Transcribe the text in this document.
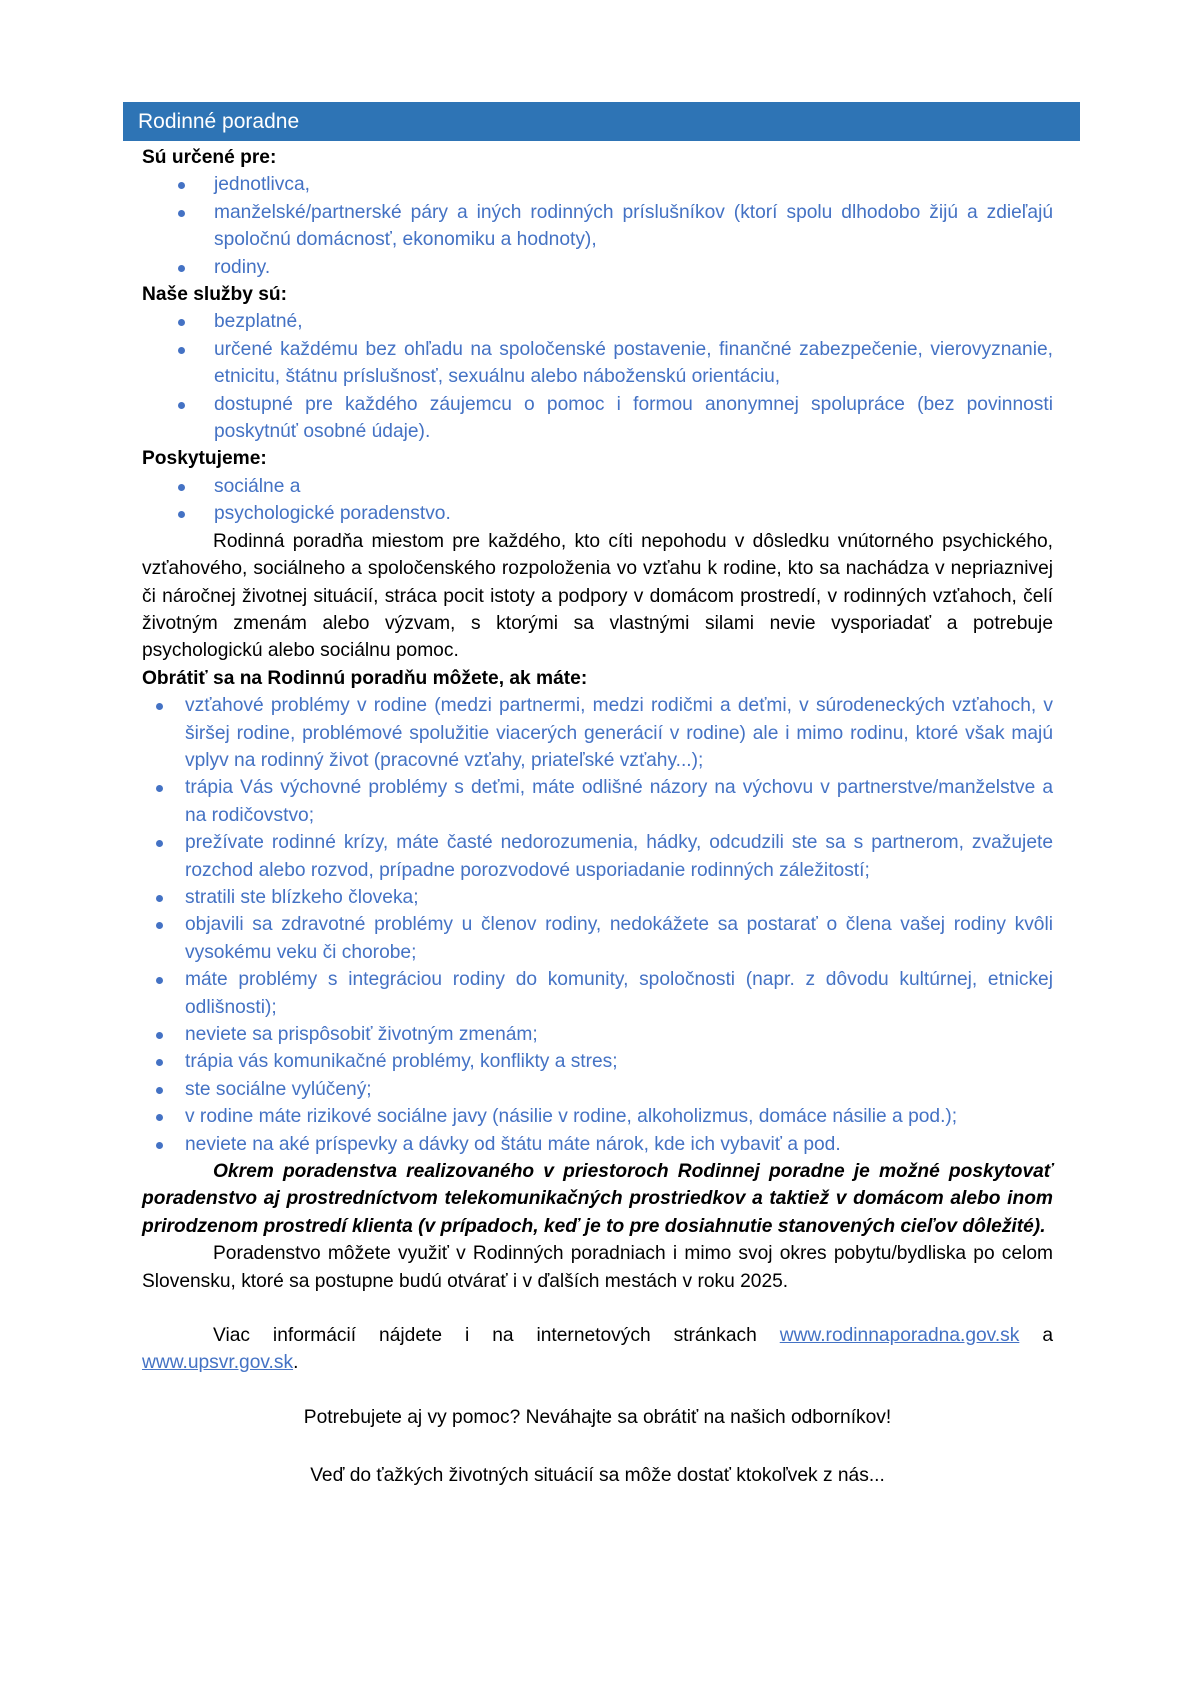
Rodinné poradne

Sú určené pre:

jednotlivca,
manželské/partnerské páry a iných rodinných príslušníkov (ktorí spolu dlhodobo žijú a zdieľajú spoločnú domácnosť, ekonomiku a hodnoty),
rodiny.

Naše služby sú:

bezplatné,
určené každému bez ohľadu na spoločenské postavenie, finančné zabezpečenie, vierovyznanie, etnicitu, štátnu príslušnosť, sexuálnu alebo náboženskú orientáciu,
dostupné pre každého záujemcu o pomoc i formou anonymnej spolupráce (bez povinnosti poskytnúť osobné údaje).

Poskytujeme:

sociálne a
psychologické poradenstvo.

Rodinná poradňa miestom pre každého, kto cíti nepohodu v dôsledku vnútorného psychického, vzťahového, sociálneho a spoločenského rozpoloženia vo vzťahu k rodine, kto sa nachádza v nepriaznivej či náročnej životnej situácií, stráca pocit istoty a podpory v domácom prostredí, v rodinných vzťahoch, čelí životným zmenám alebo výzvam, s ktorými sa vlastnými silami nevie vysporiadať a potrebuje psychologickú alebo sociálnu pomoc.

Obrátiť sa na Rodinnú poradňu môžete, ak máte:

vzťahové problémy v rodine (medzi partnermi, medzi rodičmi a deťmi, v súrodeneckých vzťahoch, v širšej rodine, problémové spolužitie viacerých generácií v rodine) ale i mimo rodinu, ktoré však majú vplyv na rodinný život (pracovné vzťahy, priateľské vzťahy...);
trápia Vás výchovné problémy s deťmi, máte odlišné názory na výchovu v partnerstve/manželstve a na rodičovstvo;
prežívate rodinné krízy, máte časté nedorozumenia, hádky, odcudzili ste sa s partnerom, zvažujete rozchod alebo rozvod, prípadne porozvodové usporiadanie rodinných záležitostí;
stratili ste blízkeho človeka;
objavili sa zdravotné problémy u členov rodiny, nedokážete sa postarať o člena vašej rodiny kvôli vysokému veku či chorobe;
máte problémy s integráciou rodiny do komunity, spoločnosti (napr. z dôvodu kultúrnej, etnickej odlišnosti);
neviete sa prispôsobiť životným zmenám;
trápia vás komunikačné problémy, konflikty a stres;
ste sociálne vylúčený;
v rodine máte rizikové sociálne javy (násilie v rodine, alkoholizmus, domáce násilie a pod.);
neviete na aké príspevky a dávky od štátu máte nárok, kde ich vybaviť a pod.

Okrem poradenstva realizovaného v priestoroch Rodinnej poradne je možné poskytovať poradenstvo aj prostredníctvom telekomunikačných prostriedkov a taktiež v domácom alebo inom prirodzenom prostredí klienta (v prípadoch, keď je to pre dosiahnutie stanovených cieľov dôležité).

Poradenstvo môžete využiť v Rodinných poradniach i mimo svoj okres pobytu/bydliska po celom Slovensku, ktoré sa postupne budú otvárať i v ďalších mestách v roku 2025.

Viac informácií nájdete i na internetových stránkach www.rodinnaporadna.gov.sk a www.upsvr.gov.sk.

Potrebujete aj vy pomoc? Neváhajte sa obrátiť na našich odborníkov!

Veď do ťažkých životných situácií sa môže dostať ktokoľvek z nás...
